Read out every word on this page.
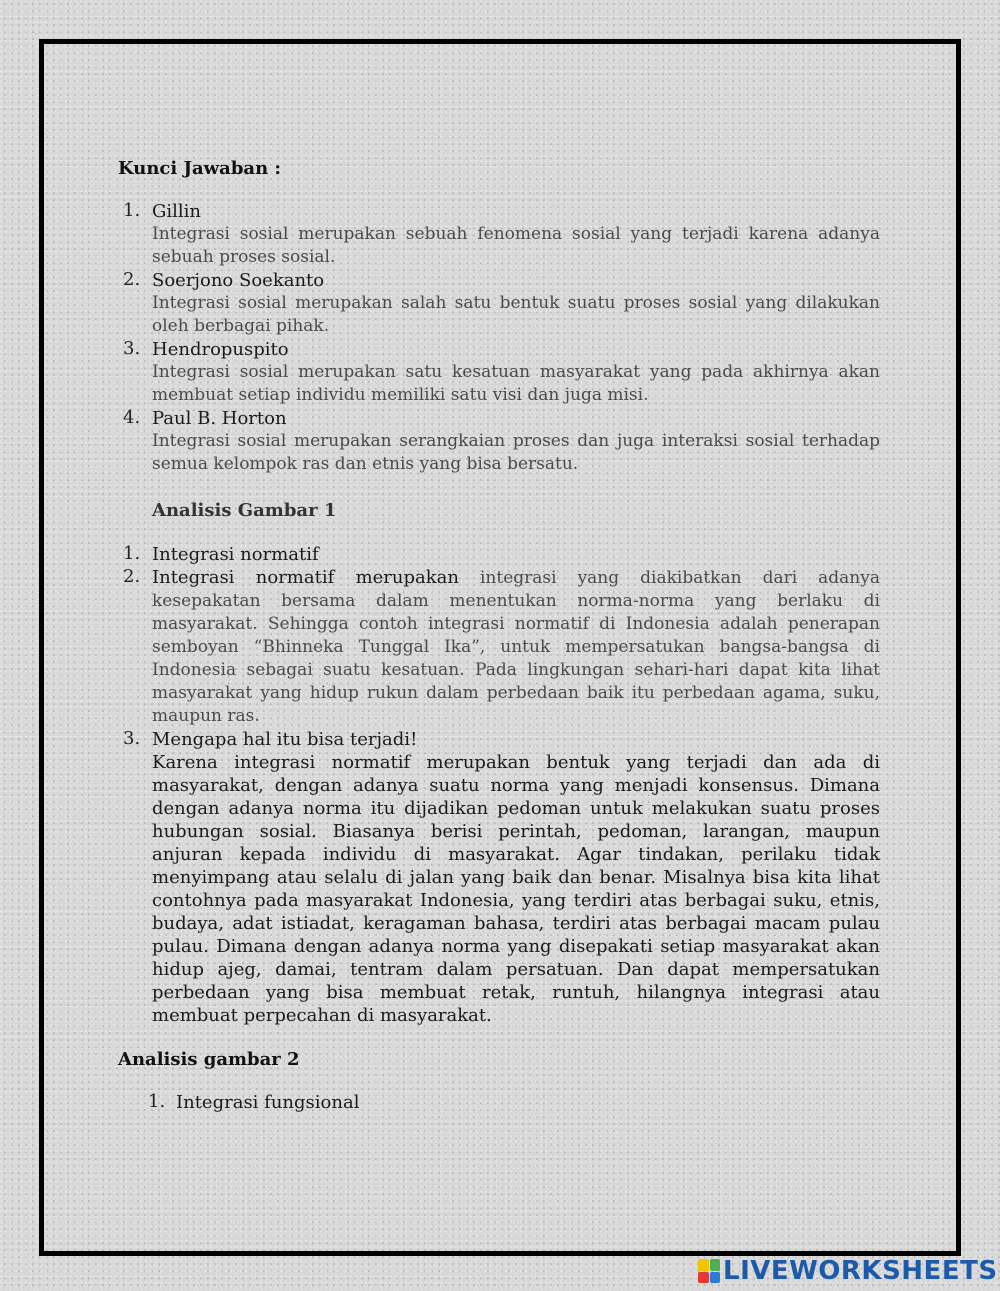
Kunci Jawaban :
1. Gillin
Integrasi sosial merupakan sebuah fenomena sosial yang terjadi karena adanya sebuah proses sosial.
2. Soerjono Soekanto
Integrasi sosial merupakan salah satu bentuk suatu proses sosial yang dilakukan oleh berbagai pihak.
3. Hendropuspito
Integrasi sosial merupakan satu kesatuan masyarakat yang pada akhirnya akan membuat setiap individu memiliki satu visi dan juga misi.
4. Paul B. Horton
Integrasi sosial merupakan serangkaian proses dan juga interaksi sosial terhadap semua kelompok ras dan etnis yang bisa bersatu.
Analisis Gambar 1
1. Integrasi normatif
2. Integrasi normatif merupakan integrasi yang diakibatkan dari adanya kesepakatan bersama dalam menentukan norma-norma yang berlaku di masyarakat. Sehingga contoh integrasi normatif di Indonesia adalah penerapan semboyan “Bhinneka Tunggal Ika”, untuk mempersatukan bangsa-bangsa di Indonesia sebagai suatu kesatuan. Pada lingkungan sehari-hari dapat kita lihat masyarakat yang hidup rukun dalam perbedaan baik itu perbedaan agama, suku, maupun ras.
3. Mengapa hal itu bisa terjadi!
Karena integrasi normatif merupakan bentuk yang terjadi dan ada di masyarakat, dengan adanya suatu norma yang menjadi konsensus. Dimana dengan adanya norma itu dijadikan pedoman untuk melakukan suatu proses hubungan sosial. Biasanya berisi perintah, pedoman, larangan, maupun anjuran kepada individu di masyarakat. Agar tindakan, perilaku tidak menyimpang atau selalu di jalan yang baik dan benar. Misalnya bisa kita lihat contohnya pada masyarakat Indonesia, yang terdiri atas berbagai suku, etnis, budaya, adat istiadat, keragaman bahasa, terdiri atas berbagai macam pulau pulau. Dimana dengan adanya norma yang disepakati setiap masyarakat akan hidup ajeg, damai, tentram dalam persatuan. Dan dapat mempersatukan perbedaan yang bisa membuat retak, runtuh, hilangnya integrasi atau membuat perpecahan di masyarakat.
Analisis gambar 2
1. Integrasi fungsional
LIVEWORKSHEETS
